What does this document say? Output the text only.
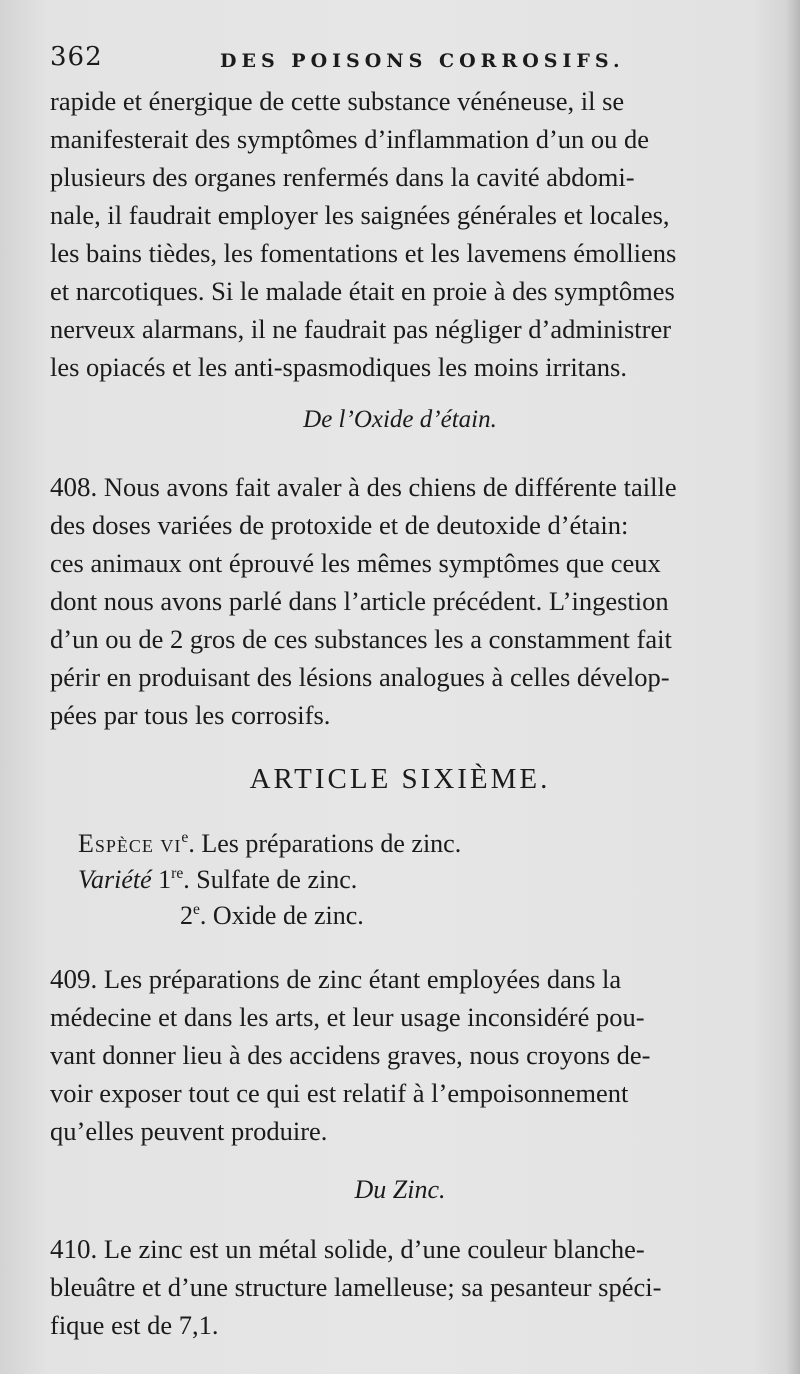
362	DES POISONS CORROSIFS.

rapide et énergique de cette substance vénéneuse, il se

manifesterait des symptômes d’inflammation d’un ou de

plusieurs des organes renfermés dans la cavité abdomi-

nale, il faudrait employer les saignées générales et locales,

les bains tièdes, les fomentations et les lavemens émolliens

et narcotiques. Si le malade était en proie à des symptômes

nerveux alarmans, il ne faudrait pas négliger d’administrer

les opiacés et les anti-spasmodiques les moins irritans.

De l’Oxide d’étain.

408. Nous avons fait avaler à des chiens de différente taille

des doses variées de protoxide et de deutoxide d’étain:

ces animaux ont éprouvé les mêmes symptômes que ceux

dont nous avons parlé dans l’article précédent. L’ingestion

d’un ou de 2 gros de ces substances les a constamment fait

périr en produisant des lésions analogues à celles dévelop-

pées par tous les corrosifs.

ARTICLE SIXIÈME.
Espèce $vi^e$. Les préparations de zinc.
Variété 1re. Sulfate de zinc.
2e. Oxide de zinc.

409. Les préparations de zinc étant employées dans la

médecine et dans les arts, et leur usage inconsidéré pou-

vant donner lieu à des accidens graves, nous croyons de-

voir exposer tout ce qui est relatif à l’empoisonnement

qu’elles peuvent produire.

Du Zinc.

410. Le zinc est un métal solide, d’une couleur blanche-

bleuâtre et d’une structure lamelleuse; sa pesanteur spéci-

fique est de 7,1.
